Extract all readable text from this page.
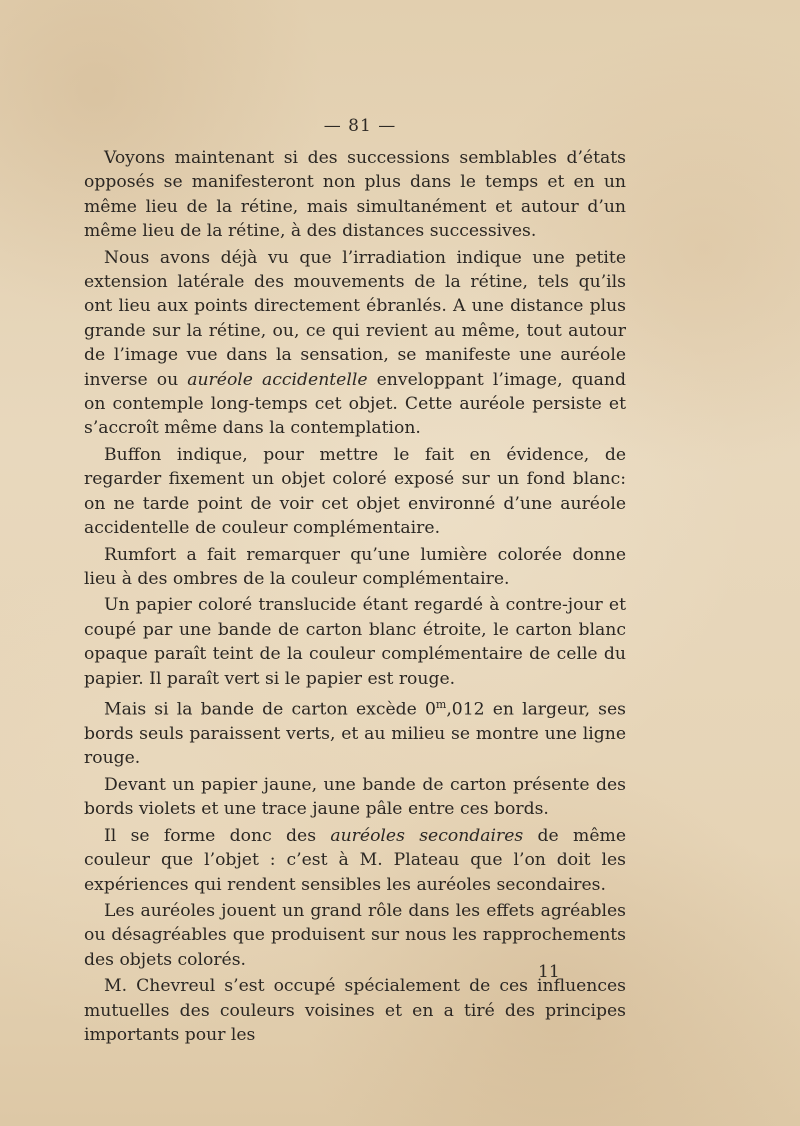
— 81 —

Voyons maintenant si des successions semblables d’états opposés se manifesteront non plus dans le temps et en un même lieu de la rétine, mais simultanément et autour d’un même lieu de la rétine, à des distances successives.

Nous avons déjà vu que l’irradiation indique une petite extension latérale des mouvements de la rétine, tels qu’ils ont lieu aux points directement ébranlés. A une distance plus grande sur la rétine, ou, ce qui revient au même, tout autour de l’image vue dans la sensation, se manifeste une auréole inverse ou auréole accidentelle enveloppant l’image, quand on contemple long-temps cet objet. Cette auréole persiste et s’accroît même dans la contemplation.

Buffon indique, pour mettre le fait en évidence, de regarder fixement un objet coloré exposé sur un fond blanc: on ne tarde point de voir cet objet environné d’une auréole accidentelle de couleur complémentaire.

Rumfort a fait remarquer qu’une lumière colorée donne lieu à des ombres de la couleur complémentaire.

Un papier coloré translucide étant regardé à contre-jour et coupé par une bande de carton blanc étroite, le carton blanc opaque paraît teint de la couleur complémentaire de celle du papier. Il paraît vert si le papier est rouge.

Mais si la bande de carton excède 0$^m$,012 en largeur, ses bords seuls paraissent verts, et au milieu se montre une ligne rouge.

Devant un papier jaune, une bande de carton présente des bords violets et une trace jaune pâle entre ces bords.

Il se forme donc des auréoles secondaires de même couleur que l’objet : c’est à M. Plateau que l’on doit les expériences qui rendent sensibles les auréoles secondaires.

Les auréoles jouent un grand rôle dans les effets agréables ou désagréables que produisent sur nous les rapprochements des objets colorés.

M. Chevreul s’est occupé spécialement de ces influences mutuelles des couleurs voisines et en a tiré des principes importants pour les

11
